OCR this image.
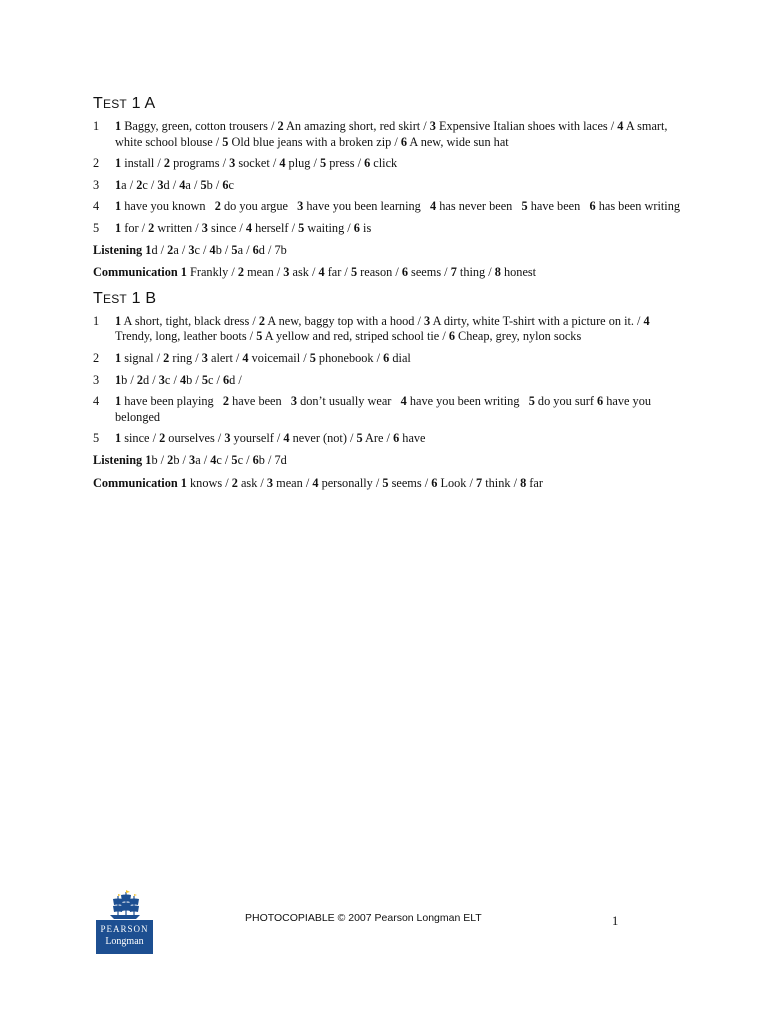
TEST 1 A
1 1 Baggy, green, cotton trousers / 2 An amazing short, red skirt / 3 Expensive Italian shoes with laces / 4 A smart, white school blouse / 5 Old blue jeans with a broken zip / 6 A new, wide sun hat
2 1 install / 2 programs / 3 socket / 4 plug / 5 press / 6 click
3 1a / 2c / 3d / 4a / 5b / 6c
4 1 have you known   2 do you argue   3 have you been learning   4 has never been   5 have been   6 has been writing
5 1 for / 2 written / 3 since / 4 herself / 5 waiting / 6 is
Listening 1d / 2a / 3c / 4b / 5a / 6d / 7b
Communication 1 Frankly / 2 mean / 3 ask / 4 far / 5 reason / 6 seems / 7 thing / 8 honest
TEST 1 B
1 1 A short, tight, black dress / 2 A new, baggy top with a hood / 3 A dirty, white T-shirt with a picture on it. / 4 Trendy, long, leather boots / 5 A yellow and red, striped school tie / 6 Cheap, grey, nylon socks
2 1 signal / 2 ring / 3 alert / 4 voicemail / 5 phonebook / 6 dial
3 1b / 2d / 3c / 4b / 5c / 6d /
4 1 have been playing   2 have been   3 don’t usually wear   4 have you been writing   5 do you surf 6 have you belonged
5 1 since / 2 ourselves / 3 yourself / 4 never (not) / 5 Are / 6 have
Listening 1b / 2b / 3a / 4c / 5c / 6b / 7d
Communication 1 knows / 2 ask / 3 mean / 4 personally / 5 seems / 6 Look / 7 think / 8 far
PEARSON
Longman
PHOTOCOPIABLE © 2007 Pearson Longman ELT	1
